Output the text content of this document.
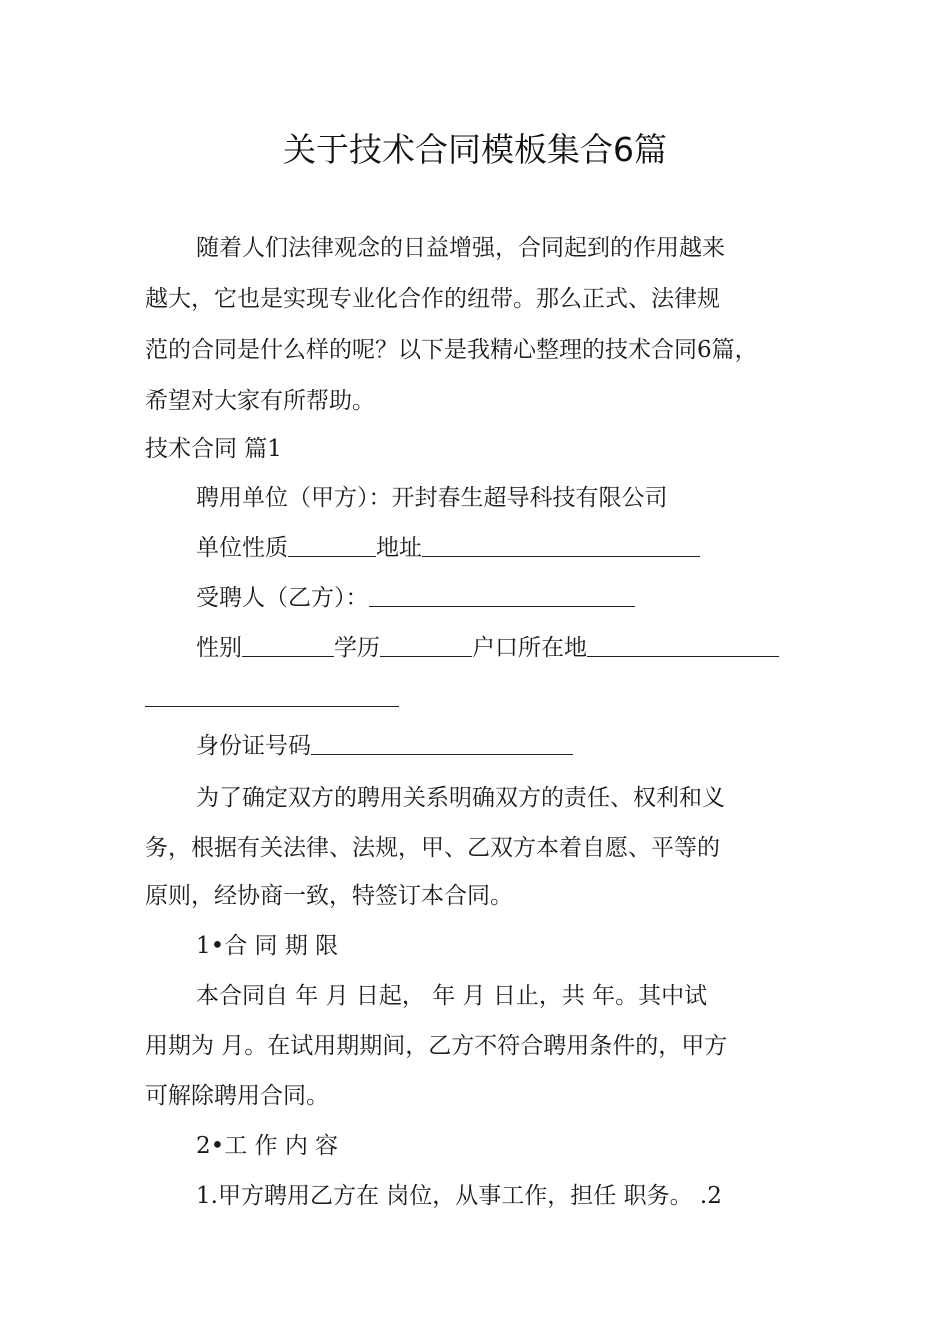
关于技术合同模板集合6篇
随着人们法律观念的日益增强，合同起到的作用越来
越大，它也是实现专业化合作的纽带。那么正式、法律规
范的合同是什么样的呢？以下是我精心整理的技术合同6篇，
希望对大家有所帮助。
技术合同 篇1
聘用单位（甲方）：开封春生超导科技有限公司
单位性质	地址
受聘人（乙方）：
性别	学历	户口所在地
身份证号码
为了确定双方的聘用关系明确双方的责任、权利和义
务，根据有关法律、法规，甲、乙双方本着自愿、平等的
原则，经协商一致，特签订本合同。
1•合 同 期 限
本合同自 年 月 日起， 年 月 日止，共 年。其中试
用期为 月。在试用期期间，乙方不符合聘用条件的，甲方
可解除聘用合同。
2•工 作 内 容
1.甲方聘用乙方在 岗位，从事工作，担任 职务。 .2
